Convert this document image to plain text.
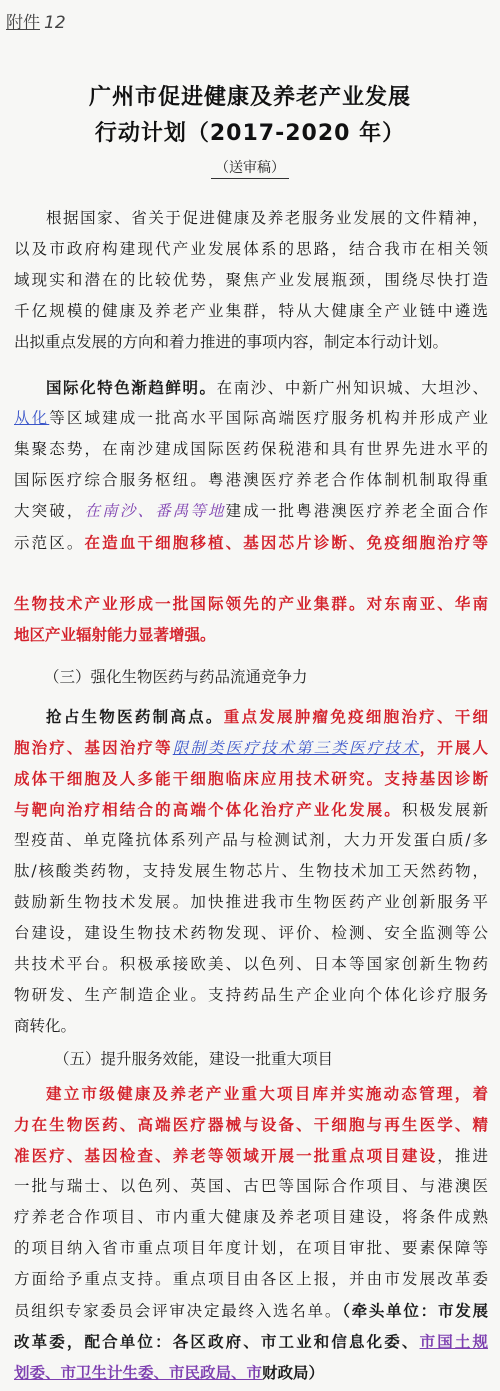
附件 12
广州市促进健康及养老产业发展
行动计划（2017-2020 年）
（送审稿）
根据国家、省关于促进健康及养老服务业发展的文件精神，
以及市政府构建现代产业发展体系的思路，结合我市在相关领
域现实和潜在的比较优势，聚焦产业发展瓶颈，围绕尽快打造
千亿规模的健康及养老产业集群，特从大健康全产业链中遴选
出拟重点发展的方向和着力推进的事项内容，制定本行动计划。
国际化特色渐趋鲜明。在南沙、中新广州知识城、大坦沙、
从化等区域建成一批高水平国际高端医疗服务机构并形成产业
集聚态势，在南沙建成国际医药保税港和具有世界先进水平的
国际医疗综合服务枢纽。粤港澳医疗养老合作体制机制取得重
大突破，在南沙、番禺等地建成一批粤港澳医疗养老全面合作
示范区。在造血干细胞移植、基因芯片诊断、免疫细胞治疗等
生物技术产业形成一批国际领先的产业集群。对东南亚、华南
地区产业辐射能力显著增强。
（三）强化生物医药与药品流通竞争力
抢占生物医药制高点。重点发展肿瘤免疫细胞治疗、干细
胞治疗、基因治疗等限制类医疗技术第三类医疗技术，开展人
成体干细胞及人多能干细胞临床应用技术研究。支持基因诊断
与靶向治疗相结合的高端个体化治疗产业化发展。积极发展新
型疫苗、单克隆抗体系列产品与检测试剂，大力开发蛋白质/多
肽/核酸类药物，支持发展生物芯片、生物技术加工天然药物，
鼓励新生物技术发展。加快推进我市生物医药产业创新服务平
台建设，建设生物技术药物发现、评价、检测、安全监测等公
共技术平台。积极承接欧美、以色列、日本等国家创新生物药
物研发、生产制造企业。支持药品生产企业向个体化诊疗服务
商转化。
（五）提升服务效能，建设一批重大项目
建立市级健康及养老产业重大项目库并实施动态管理，着
力在生物医药、高端医疗器械与设备、干细胞与再生医学、精
准医疗、基因检查、养老等领域开展一批重点项目建设，推进
一批与瑞士、以色列、英国、古巴等国际合作项目、与港澳医
疗养老合作项目、市内重大健康及养老项目建设，将条件成熟
的项目纳入省市重点项目年度计划，在项目审批、要素保障等
方面给予重点支持。重点项目由各区上报，并由市发展改革委
员组织专家委员会评审决定最终入选名单。（牵头单位：市发展
改革委，配合单位：各区政府、市工业和信息化委、市国土规
划委、市卫生计生委、市民政局、市财政局）
